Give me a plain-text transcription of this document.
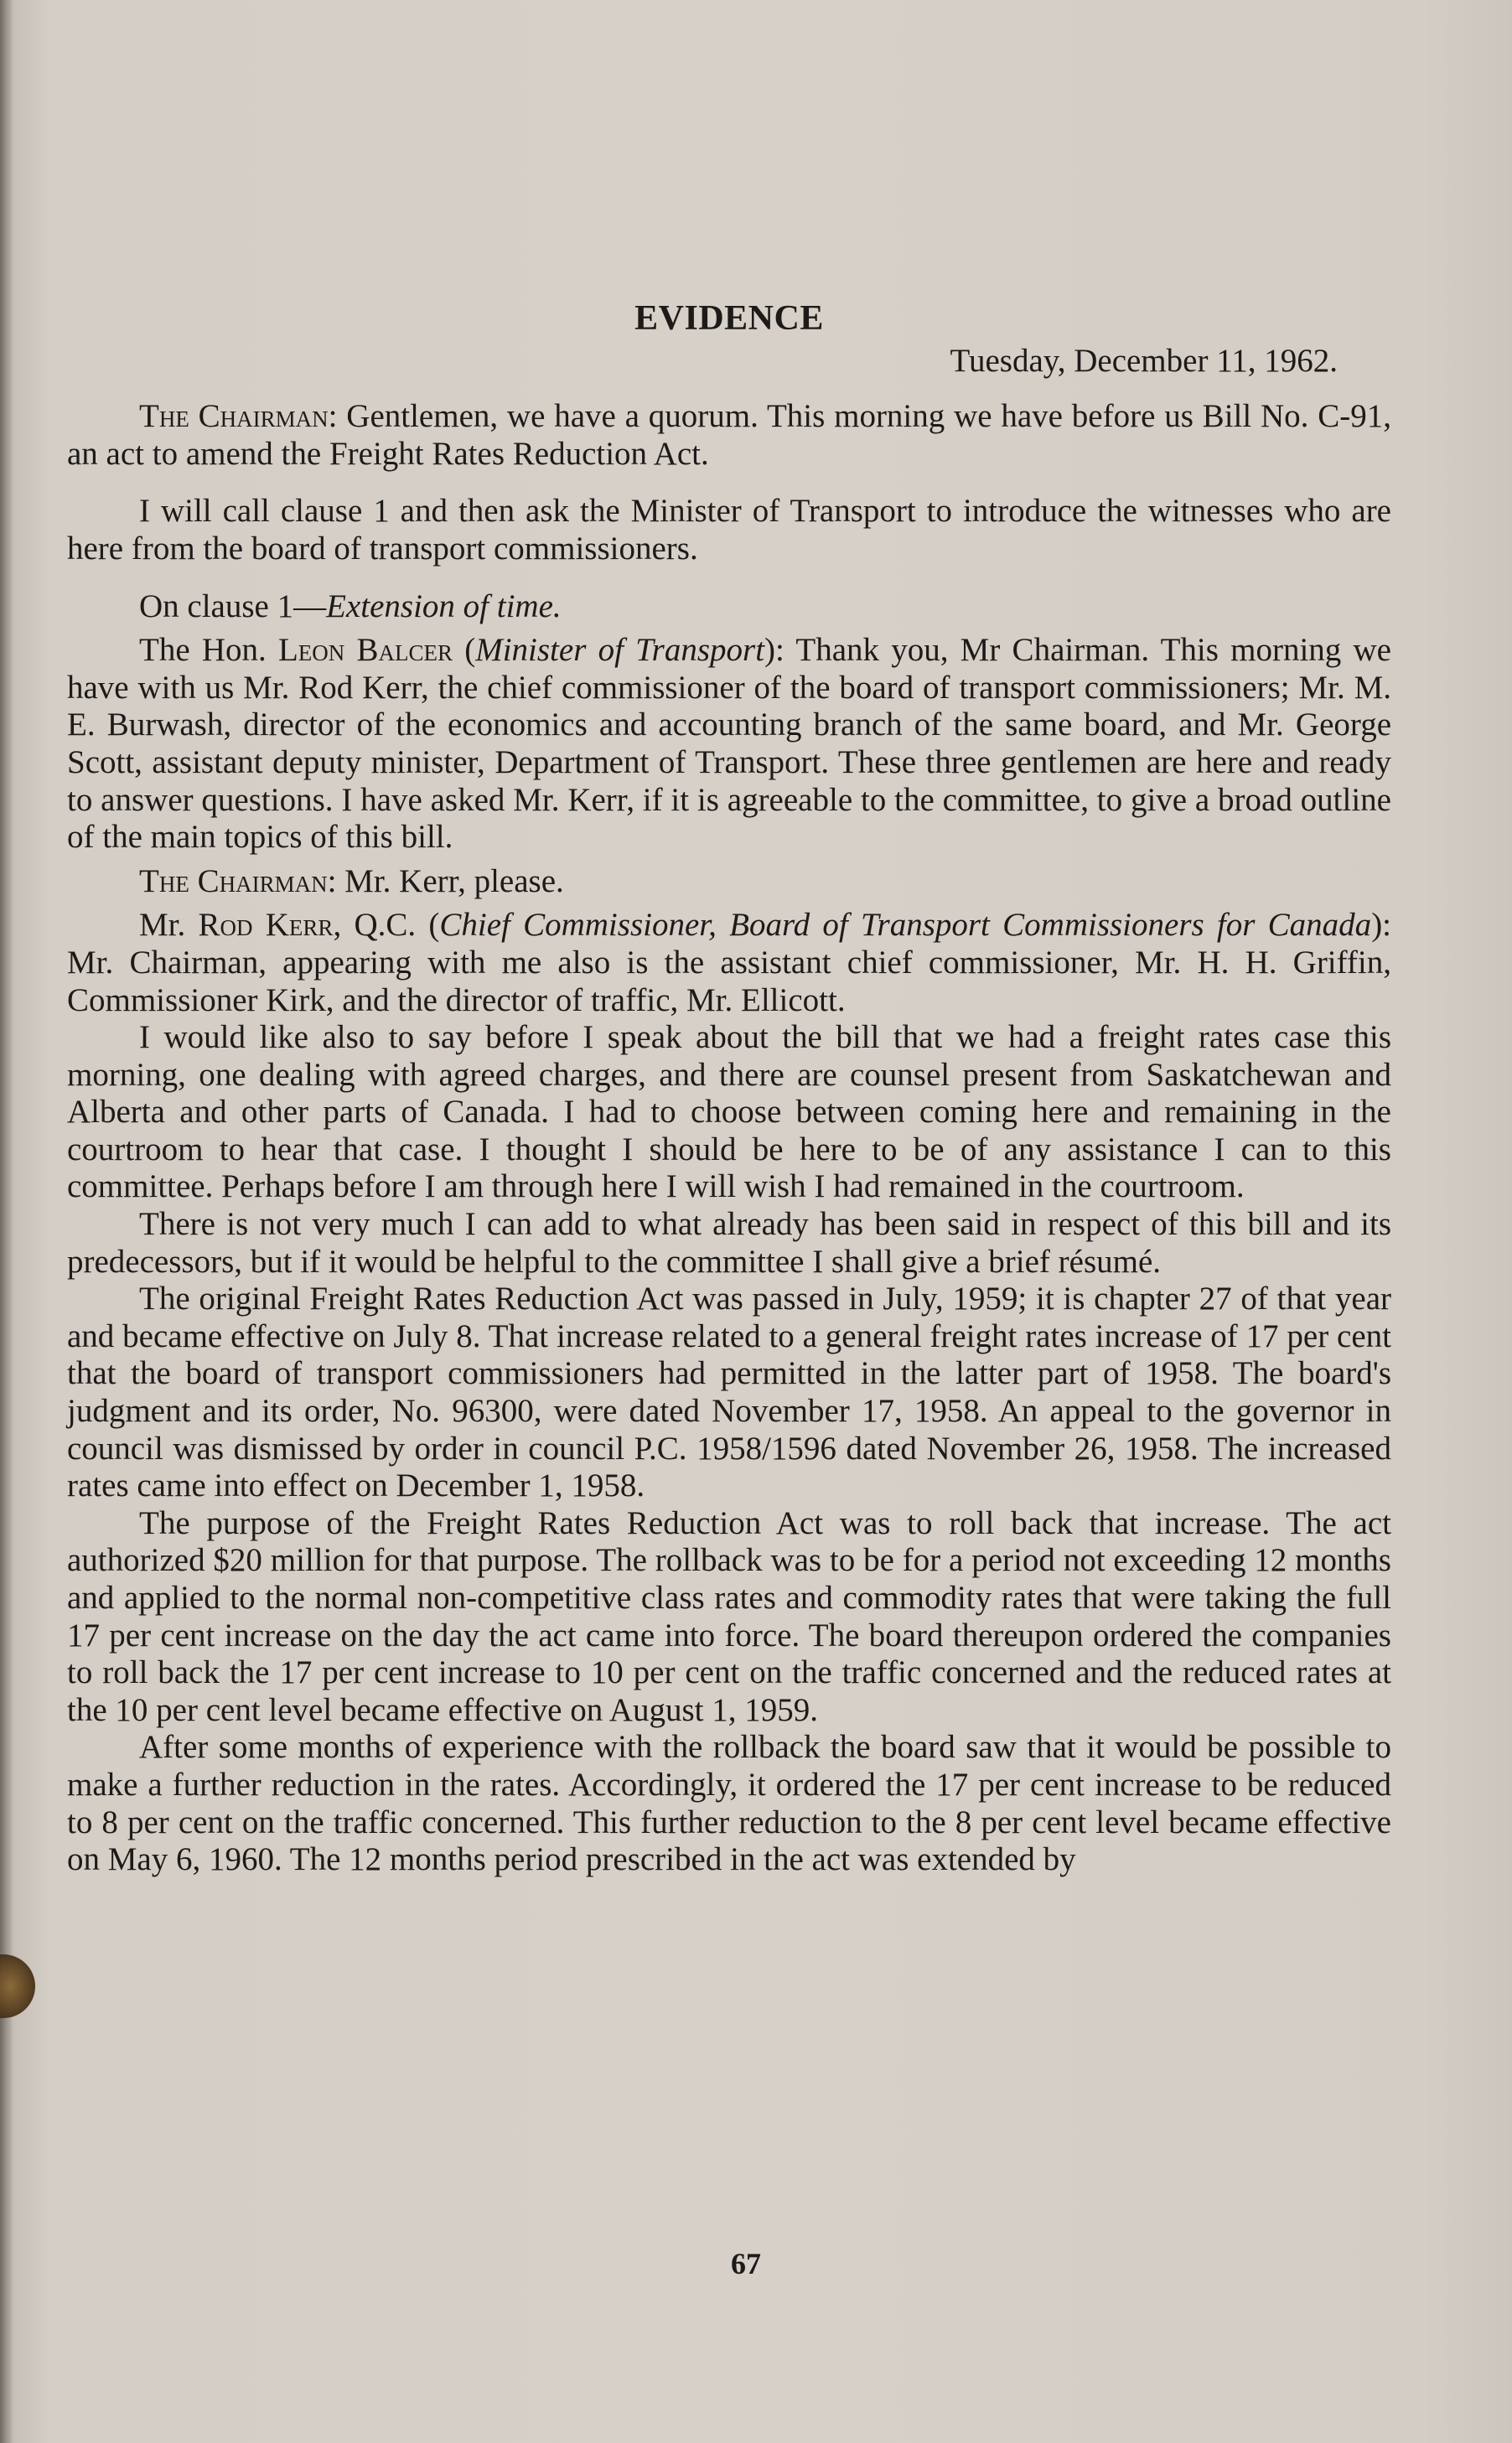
EVIDENCE
Tuesday, December 11, 1962.

The Chairman: Gentlemen, we have a quorum. This morning we have before us Bill No. C-91, an act to amend the Freight Rates Reduction Act.

I will call clause 1 and then ask the Minister of Transport to introduce the witnesses who are here from the board of transport commissioners.

On clause 1—Extension of time.

The Hon. Leon Balcer (Minister of Transport): Thank you, Mr Chairman. This morning we have with us Mr. Rod Kerr, the chief commissioner of the board of transport commissioners; Mr. M. E. Burwash, director of the economics and accounting branch of the same board, and Mr. George Scott, assistant deputy minister, Department of Transport. These three gentlemen are here and ready to answer questions. I have asked Mr. Kerr, if it is agreeable to the committee, to give a broad outline of the main topics of this bill.

The Chairman: Mr. Kerr, please.

Mr. Rod Kerr, Q.C. (Chief Commissioner, Board of Transport Commissioners for Canada): Mr. Chairman, appearing with me also is the assistant chief commissioner, Mr. H. H. Griffin, Commissioner Kirk, and the director of traffic, Mr. Ellicott.

I would like also to say before I speak about the bill that we had a freight rates case this morning, one dealing with agreed charges, and there are counsel present from Saskatchewan and Alberta and other parts of Canada. I had to choose between coming here and remaining in the courtroom to hear that case. I thought I should be here to be of any assistance I can to this committee. Perhaps before I am through here I will wish I had remained in the courtroom.

There is not very much I can add to what already has been said in respect of this bill and its predecessors, but if it would be helpful to the committee I shall give a brief résumé.

The original Freight Rates Reduction Act was passed in July, 1959; it is chapter 27 of that year and became effective on July 8. That increase related to a general freight rates increase of 17 per cent that the board of transport commissioners had permitted in the latter part of 1958. The board's judgment and its order, No. 96300, were dated November 17, 1958. An appeal to the governor in council was dismissed by order in council P.C. 1958/1596 dated November 26, 1958. The increased rates came into effect on December 1, 1958.

The purpose of the Freight Rates Reduction Act was to roll back that increase. The act authorized $20 million for that purpose. The rollback was to be for a period not exceeding 12 months and applied to the normal non-competitive class rates and commodity rates that were taking the full 17 per cent increase on the day the act came into force. The board thereupon ordered the companies to roll back the 17 per cent increase to 10 per cent on the traffic concerned and the reduced rates at the 10 per cent level became effective on August 1, 1959.

After some months of experience with the rollback the board saw that it would be possible to make a further reduction in the rates. Accordingly, it ordered the 17 per cent increase to be reduced to 8 per cent on the traffic concerned. This further reduction to the 8 per cent level became effective on May 6, 1960. The 12 months period prescribed in the act was extended by

67
